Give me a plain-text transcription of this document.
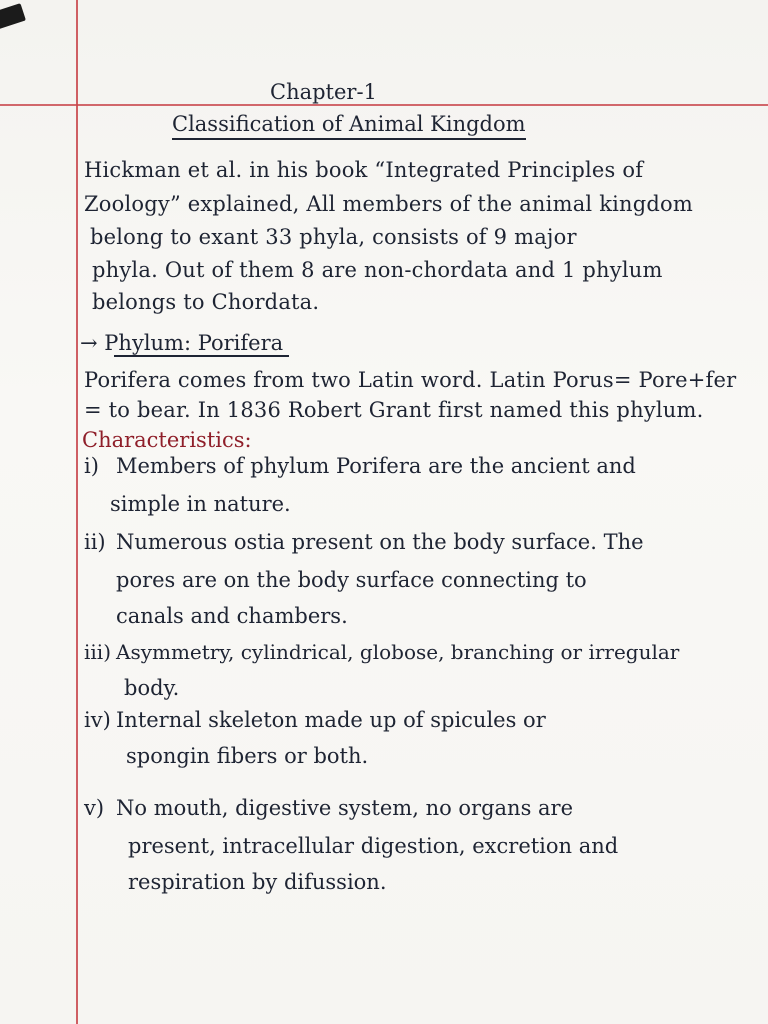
Chapter-1
Classification of Animal Kingdom
Hickman et al. in his book “Integrated Principles of
Zoology” explained, All members of the animal kingdom
belong to exant 33 phyla, consists of 9 major
phyla. Out of them 8 are non-chordata and 1 phylum
belongs to Chordata.
→ Phylum: Porifera
Porifera comes from two Latin word. Latin Porus= Pore+fer
= to bear. In 1836 Robert Grant first named this phylum.
Characteristics:
i) Members of phylum Porifera are the ancient and
simple in nature.
ii) Numerous ostia present on the body surface. The
pores are on the body surface connecting to
canals and chambers.
iii) Asymmetry, cylindrical, globose, branching or irregular
body.
iv) Internal skeleton made up of spicules or
spongin fibers or both.
v) No mouth, digestive system, no organs are
present, intracellular digestion, excretion and
respiration by difussion.
